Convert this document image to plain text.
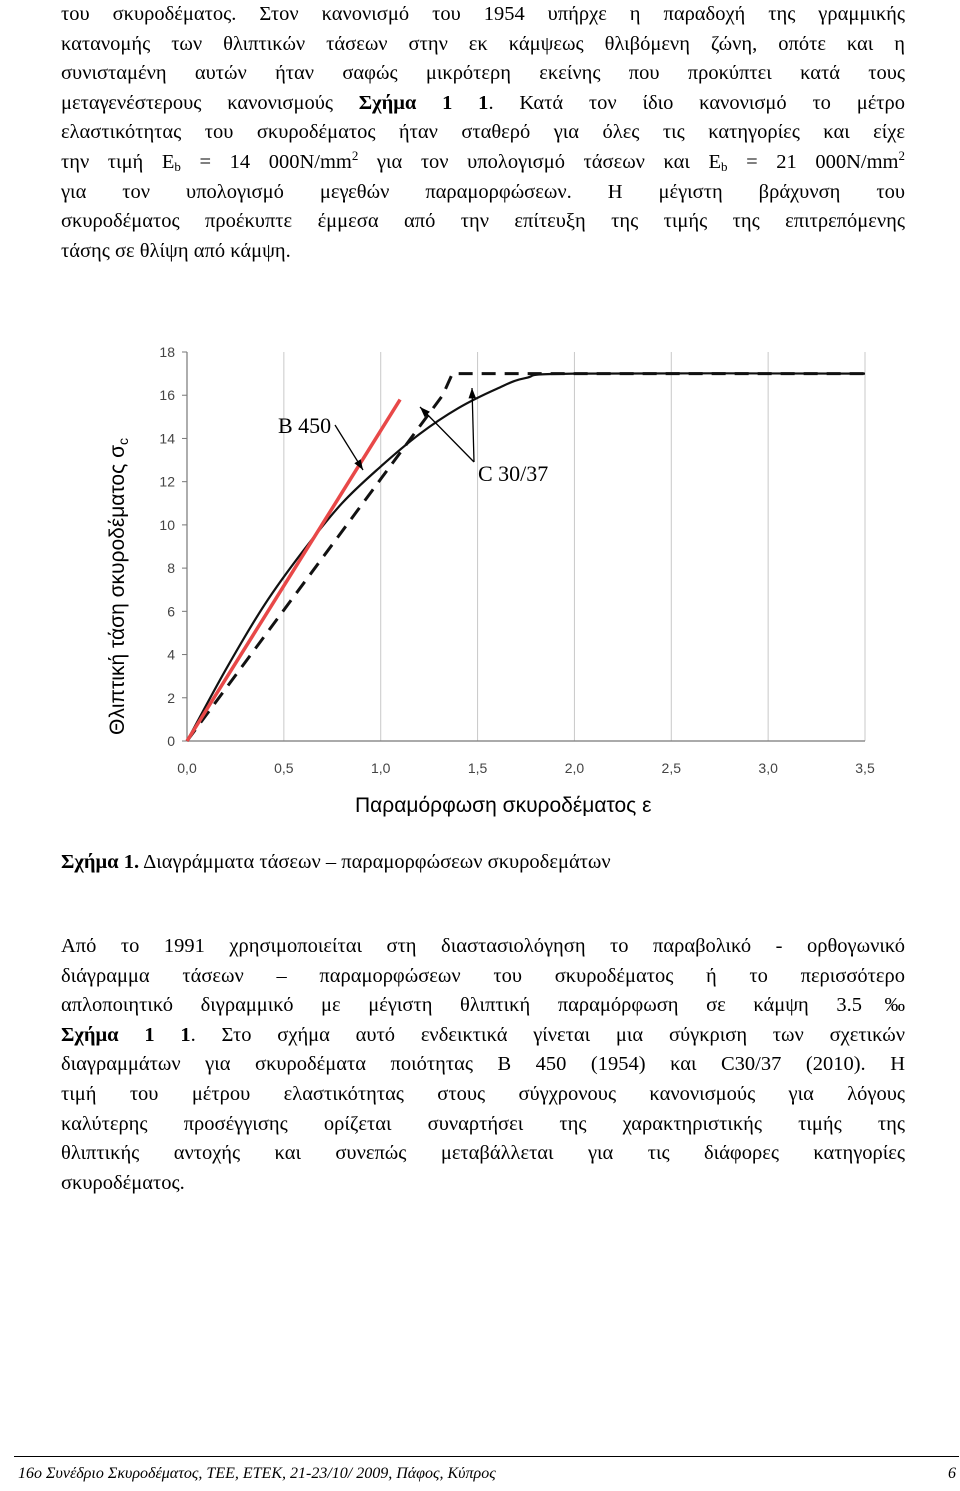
του σκυροδέματος. Στον κανονισμό του 1954 υπήρχε η παραδοχή της γραμμικής
κατανομής των θλιπτικών τάσεων στην εκ κάμψεως θλιβόμενη ζώνη, οπότε και η
συνισταμένη αυτών ήταν σαφώς μικρότερη εκείνης που προκύπτει κατά τους
μεταγενέστερους κανονισμούς Σχήμα 1 1. Κατά τον ίδιο κανονισμό το μέτρο
ελαστικότητας του σκυροδέματος ήταν σταθερό για όλες τις κατηγορίες και είχε
την τιμή $E_b = 14$ $000N/mm^2$ για τον υπολογισμό τάσεων και $E_b = 21$ $000N/mm^2$
για τον υπολογισμό μεγεθών παραμορφώσεων. Η μέγιστη βράχυνση του
σκυροδέματος προέκυπτε έμμεσα από την επίτευξη της τιμής της επιτρεπόμενης
τάσης σε θλίψη από κάμψη.
0
2
4
6
8
10
12
14
16
18
0,0	0,5	1,0	1,5	2,0	2,5	3,0	3,5
B 450
C 30/37
Θλιπτική τάση σκυροδέματος σc
Παραμόρφωση σκυροδέματος ε
Σχήμα 1. Διαγράμματα τάσεων – παραμορφώσεων σκυροδεμάτων
Από το 1991 χρησιμοποιείται στη διαστασιολόγηση το παραβολικό - ορθογωνικό
διάγραμμα τάσεων – παραμορφώσεων του σκυροδέματος ή το περισσότερο
απλοποιητικό διγραμμικό με μέγιστη θλιπτική παραμόρφωση σε κάμψη 3.5‰
Σχήμα 1 1. Στο σχήμα αυτό ενδεικτικά γίνεται μια σύγκριση των σχετικών
διαγραμμάτων για σκυροδέματα ποιότητας B 450 (1954) και C30/37 (2010). Η
τιμή του μέτρου ελαστικότητας στους σύγχρονους κανονισμούς για λόγους
καλύτερης προσέγγισης ορίζεται συναρτήσει της χαρακτηριστικής τιμής της
θλιπτικής αντοχής και συνεπώς μεταβάλλεται για τις διάφορες κατηγορίες
σκυροδέματος.
16ο Συνέδριο Σκυροδέματος, ΤΕΕ, ΕΤΕΚ, 21-23/10/ 2009, Πάφος, Κύπρος	6
